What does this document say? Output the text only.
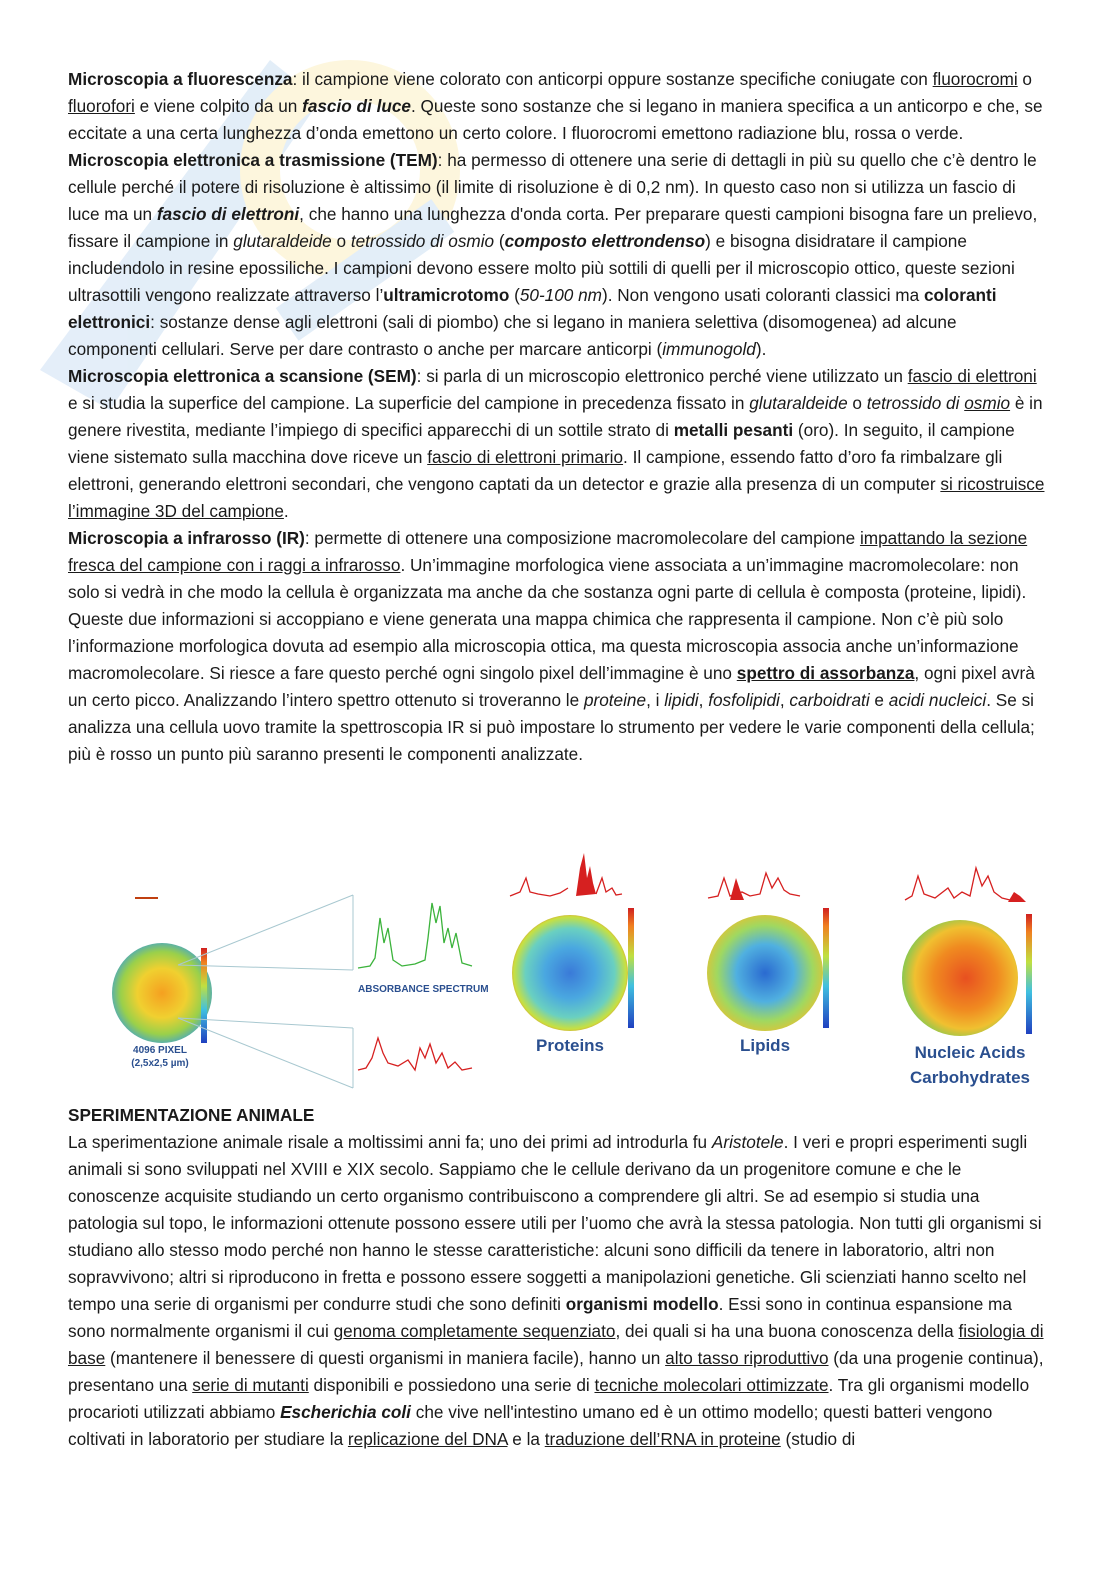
Microscopia a fluorescenza: il campione viene colorato con anticorpi oppure sostanze specifiche coniugate con fluorocromi o fluorofori e viene colpito da un fascio di luce. Queste sono sostanze che si legano in maniera specifica a un anticorpo e che, se eccitate a una certa lunghezza d’onda emettono un certo colore. I fluorocromi emettono radiazione blu, rossa o verde.

Microscopia elettronica a trasmissione (TEM): ha permesso di ottenere una serie di dettagli in più su quello che c’è dentro le cellule perché il potere di risoluzione è altissimo (il limite di risoluzione è di 0,2 nm). In questo caso non si utilizza un fascio di luce ma un fascio di elettroni, che hanno una lunghezza d'onda corta. Per preparare questi campioni bisogna fare un prelievo, fissare il campione in glutaraldeide o tetrossido di osmio (composto elettrondenso) e bisogna disidratare il campione includendolo in resine epossiliche. I campioni devono essere molto più sottili di quelli per il microscopio ottico, queste sezioni ultrasottili vengono realizzate attraverso l’ultramicrotomo (50-100 nm). Non vengono usati coloranti classici ma coloranti elettronici: sostanze dense agli elettroni (sali di piombo) che si legano in maniera selettiva (disomogenea) ad alcune componenti cellulari. Serve per dare contrasto o anche per marcare anticorpi (immunogold).

Microscopia elettronica a scansione (SEM): si parla di un microscopio elettronico perché viene utilizzato un fascio di elettroni e si studia la superfice del campione. La superficie del campione in precedenza fissato in glutaraldeide o tetrossido di osmio è in genere rivestita, mediante l’impiego di specifici apparecchi di un sottile strato di metalli pesanti (oro). In seguito, il campione viene sistemato sulla macchina dove riceve un fascio di elettroni primario. Il campione, essendo fatto d’oro fa rimbalzare gli elettroni, generando elettroni secondari, che vengono captati da un detector e grazie alla presenza di un computer si ricostruisce l’immagine 3D del campione.

Microscopia a infrarosso (IR): permette di ottenere una composizione macromolecolare del campione impattando la sezione fresca del campione con i raggi a infrarosso. Un’immagine morfologica viene associata a un’immagine macromolecolare: non solo si vedrà in che modo la cellula è organizzata ma anche da che sostanza ogni parte di cellula è composta (proteine, lipidi). Queste due informazioni si accoppiano e viene generata una mappa chimica che rappresenta il campione. Non c’è più solo l’informazione morfologica dovuta ad esempio alla microscopia ottica, ma questa microscopia associa anche un’informazione macromolecolare. Si riesce a fare questo perché ogni singolo pixel dell’immagine è uno spettro di assorbanza, ogni pixel avrà un certo picco. Analizzando l’intero spettro ottenuto si troveranno le proteine, i lipidi, fosfolipidi, carboidrati e acidi nucleici. Se si analizza una cellula uovo tramite la spettroscopia IR si può impostare lo strumento per vedere le varie componenti della cellula; più è rosso un punto più saranno presenti le componenti analizzate.

ABSORBANCE SPECTRUM
4096 PIXEL
(2,5x2,5 µm)
Proteins	Lipids	Nucleic Acids
Carbohydrates

SPERIMENTAZIONE ANIMALE

La sperimentazione animale risale a moltissimi anni fa; uno dei primi ad introdurla fu Aristotele. I veri e propri esperimenti sugli animali si sono sviluppati nel XVIII e XIX secolo. Sappiamo che le cellule derivano da un progenitore comune e che le conoscenze acquisite studiando un certo organismo contribuiscono a comprendere gli altri. Se ad esempio si studia una patologia sul topo, le informazioni ottenute possono essere utili per l’uomo che avrà la stessa patologia. Non tutti gli organismi si studiano allo stesso modo perché non hanno le stesse caratteristiche: alcuni sono difficili da tenere in laboratorio, altri non sopravvivono; altri si riproducono in fretta e possono essere soggetti a manipolazioni genetiche. Gli scienziati hanno scelto nel tempo una serie di organismi per condurre studi che sono definiti organismi modello. Essi sono in continua espansione ma sono normalmente organismi il cui genoma completamente sequenziato, dei quali si ha una buona conoscenza della fisiologia di base (mantenere il benessere di questi organismi in maniera facile), hanno un alto tasso riproduttivo (da una progenie continua), presentano una serie di mutanti disponibili e possiedono una serie di tecniche molecolari ottimizzate. Tra gli organismi modello procarioti utilizzati abbiamo Escherichia coli che vive nell'intestino umano ed è un ottimo modello; questi batteri vengono coltivati in laboratorio per studiare la replicazione del DNA e la traduzione dell’RNA in proteine (studio di
